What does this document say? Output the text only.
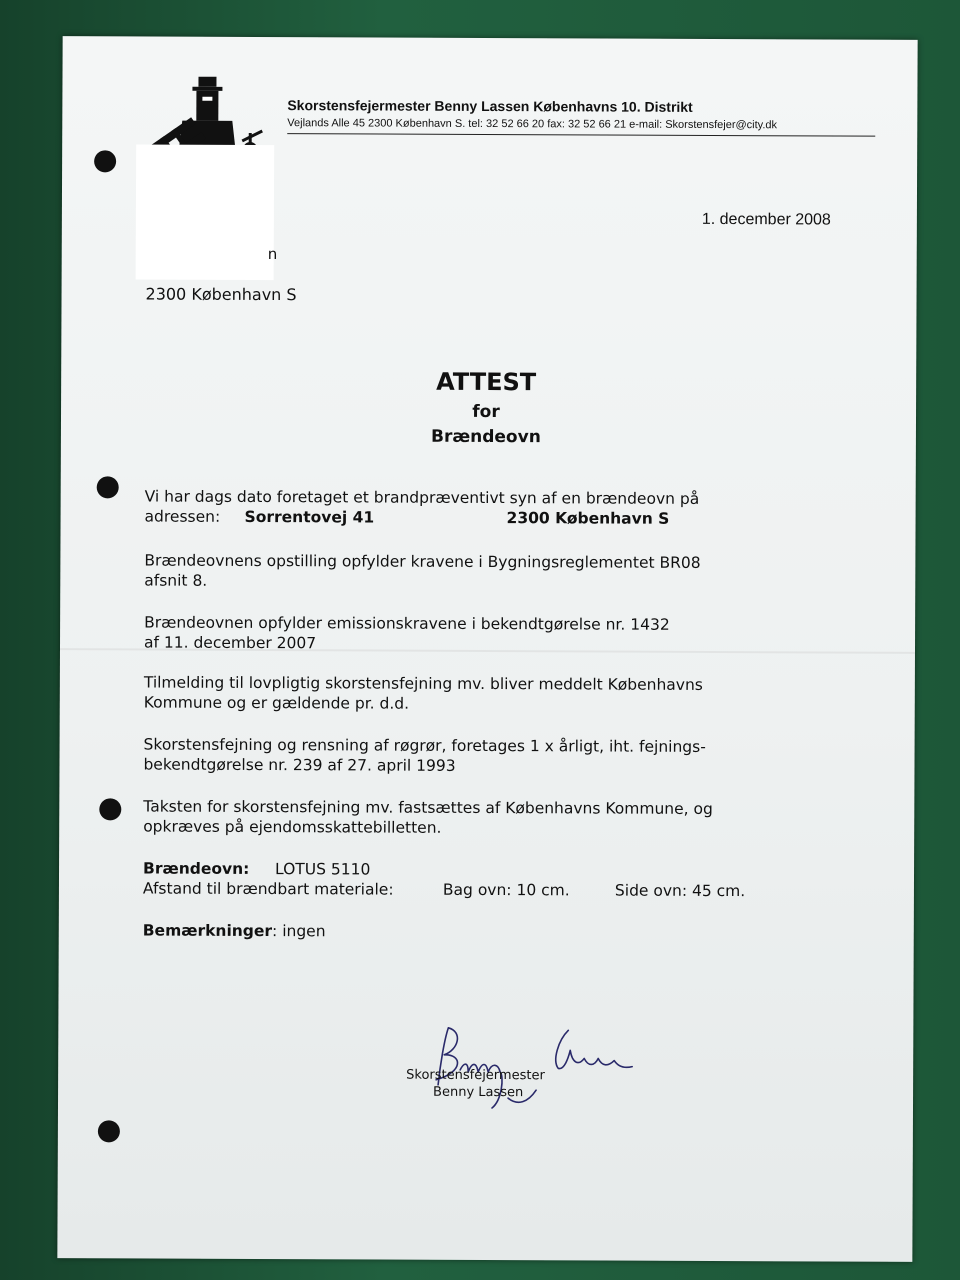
Skorstensfejermester Benny Lassen Københavns 10. Distrikt
Vejlands Alle 45 2300 København S. tel: 32 52 66 20 fax: 32 52 66 21 e-mail: Skorstensfejer@city.dk
n
2300 København S
1. december 2008
ATTEST
for
Brændeovn
Vi har dags dato foretaget et brandpræventivt syn af en brændeovn på
adressen: Sorrentovej 41	2300 København S
Brændeovnens opstilling opfylder kravene i Bygningsreglementet BR08
afsnit 8.
Brændeovnen opfylder emissionskravene i bekendtgørelse nr. 1432
af 11. december 2007
Tilmelding til lovpligtig skorstensfejning mv. bliver meddelt Københavns
Kommune og er gældende pr. d.d.
Skorstensfejning og rensning af røgrør, foretages 1 x årligt, iht. fejnings-
bekendtgørelse nr. 239 af 27. april 1993
Taksten for skorstensfejning mv. fastsættes af Københavns Kommune, og
opkræves på ejendomsskattebilletten.
Brændeovn: LOTUS 5110
Afstand til brændbart materiale:	Bag ovn: 10 cm.	Side ovn: 45 cm.
Bemærkninger: ingen
Skorstensfejermester
Benny Lassen
